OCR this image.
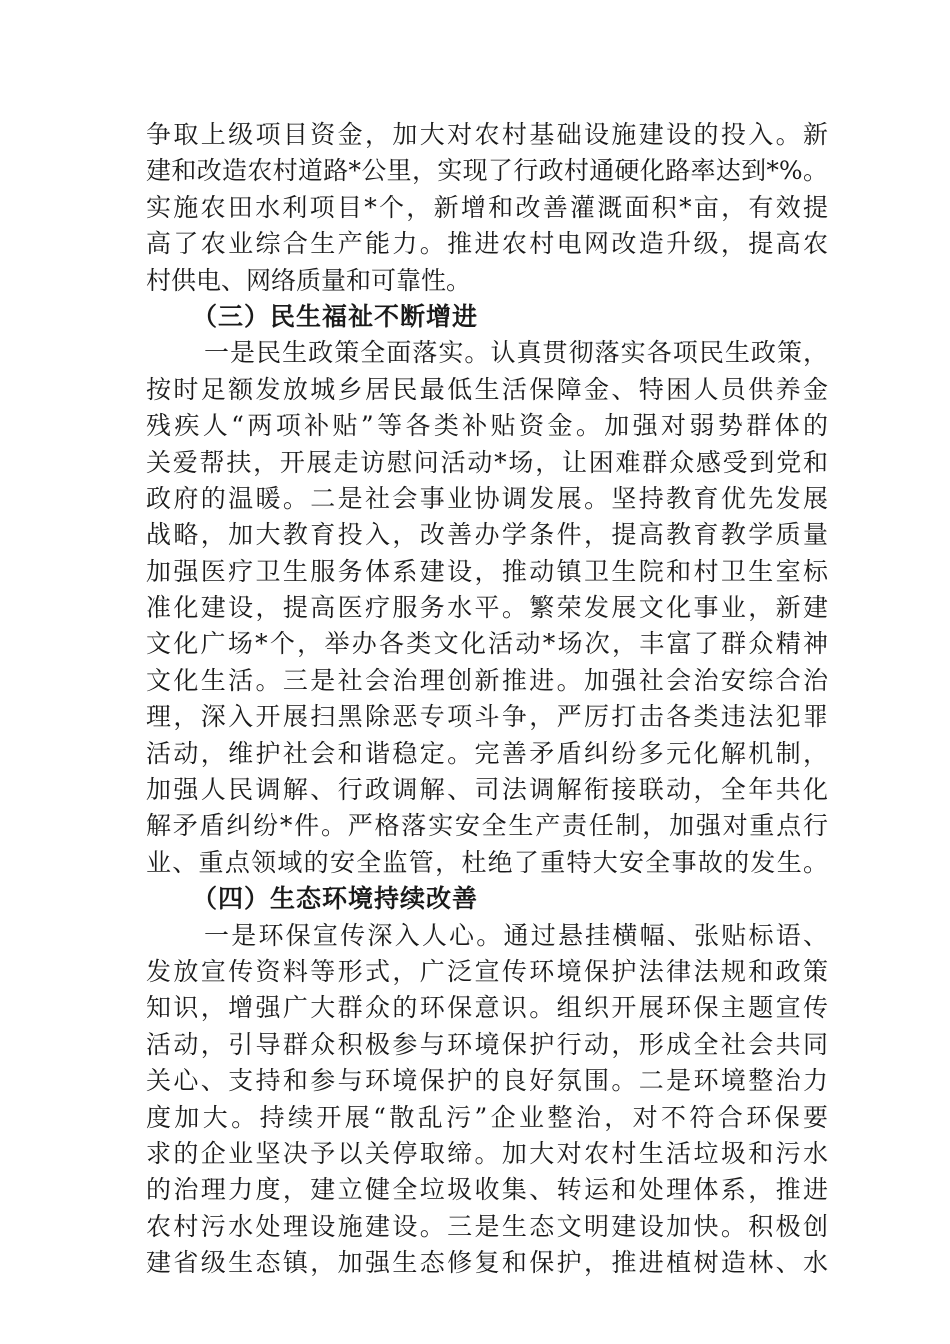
争取上级项目资金，加大对农村基础设施建设的投入。新
建和改造农村道路*公里，实现了行政村通硬化路率达到*%。
实施农田水利项目*个，新增和改善灌溉面积*亩，有效提
高了农业综合生产能力。推进农村电网改造升级，提高农
村供电、网络质量和可靠性。
（三）民生福祉不断增进
一是民生政策全面落实。认真贯彻落实各项民生政策，
按时足额发放城乡居民最低生活保障金、特困人员供养金
残疾人“两项补贴”等各类补贴资金。加强对弱势群体的
关爱帮扶，开展走访慰问活动*场，让困难群众感受到党和
政府的温暖。二是社会事业协调发展。坚持教育优先发展
战略，加大教育投入，改善办学条件，提高教育教学质量
加强医疗卫生服务体系建设，推动镇卫生院和村卫生室标
准化建设，提高医疗服务水平。繁荣发展文化事业，新建
文化广场*个，举办各类文化活动*场次，丰富了群众精神
文化生活。三是社会治理创新推进。加强社会治安综合治
理，深入开展扫黑除恶专项斗争，严厉打击各类违法犯罪
活动，维护社会和谐稳定。完善矛盾纠纷多元化解机制，
加强人民调解、行政调解、司法调解衔接联动，全年共化
解矛盾纠纷*件。严格落实安全生产责任制，加强对重点行
业、重点领域的安全监管，杜绝了重特大安全事故的发生。
（四）生态环境持续改善
一是环保宣传深入人心。通过悬挂横幅、张贴标语、
发放宣传资料等形式，广泛宣传环境保护法律法规和政策
知识，增强广大群众的环保意识。组织开展环保主题宣传
活动，引导群众积极参与环境保护行动，形成全社会共同
关心、支持和参与环境保护的良好氛围。二是环境整治力
度加大。持续开展“散乱污”企业整治，对不符合环保要
求的企业坚决予以关停取缔。加大对农村生活垃圾和污水
的治理力度，建立健全垃圾收集、转运和处理体系，推进
农村污水处理设施建设。三是生态文明建设加快。积极创
建省级生态镇，加强生态修复和保护，推进植树造林、水
